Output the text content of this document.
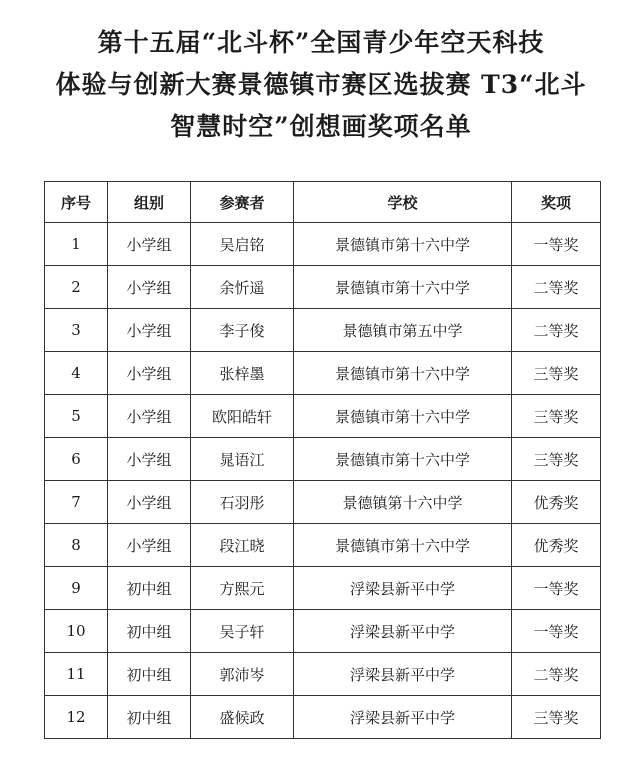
第十五届“北斗杯”全国青少年空天科技
体验与创新大赛景德镇市赛区选拔赛 T3“北斗
智慧时空”创想画奖项名单
序号	组别	参赛者	学校	奖项
1	小学组	吴启铭	景德镇市第十六中学	一等奖
2	小学组	余忻遥	景德镇市第十六中学	二等奖
3	小学组	李子俊	景德镇市第五中学	二等奖
4	小学组	张梓墨	景德镇市第十六中学	三等奖
5	小学组	欧阳皓轩	景德镇市第十六中学	三等奖
6	小学组	晁语江	景德镇市第十六中学	三等奖
7	小学组	石羽彤	景德镇第十六中学	优秀奖
8	小学组	段江晓	景德镇市第十六中学	优秀奖
9	初中组	方熙元	浮梁县新平中学	一等奖
10	初中组	吴子轩	浮梁县新平中学	一等奖
11	初中组	郭沛岑	浮梁县新平中学	二等奖
12	初中组	盛候政	浮梁县新平中学	三等奖
